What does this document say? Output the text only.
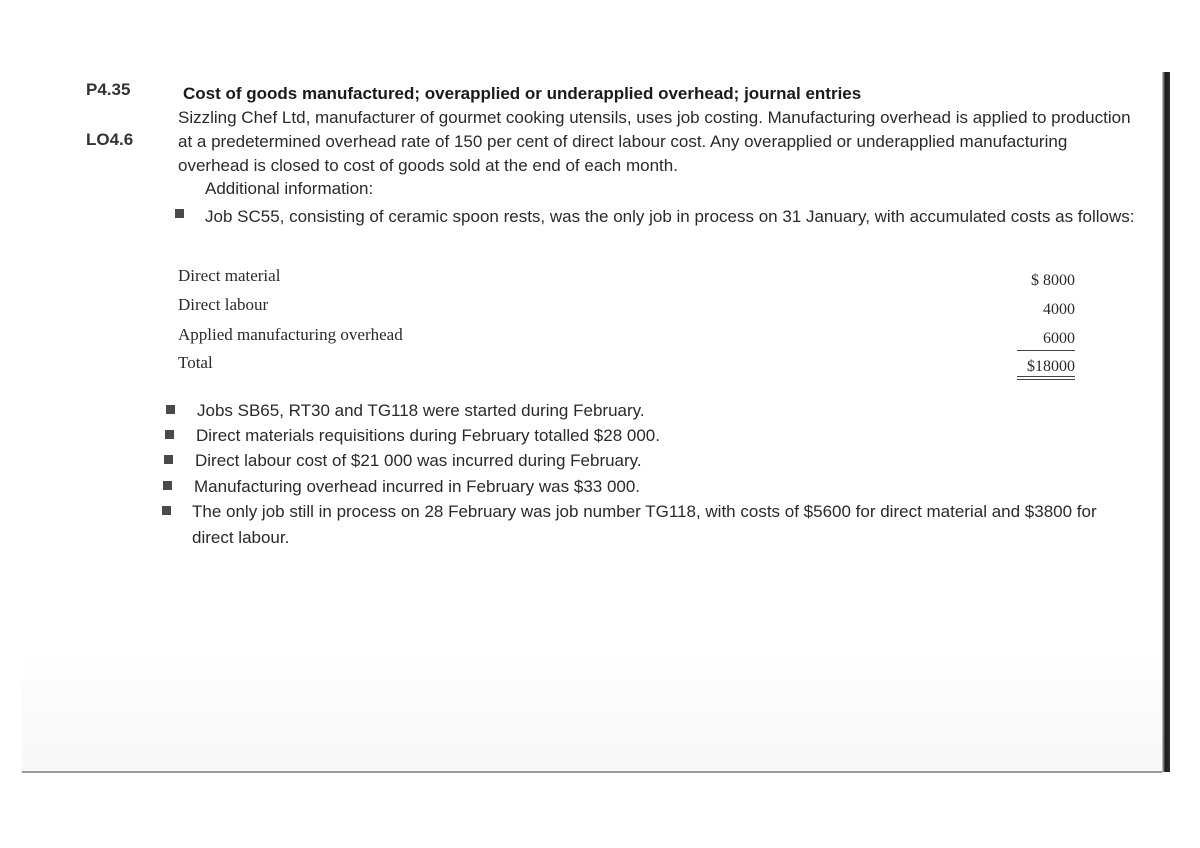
P4.35
LO4.6
Cost of goods manufactured; overapplied or underapplied overhead; journal entries
Sizzling Chef Ltd, manufacturer of gourmet cooking utensils, uses job costing. Manufacturing overhead is applied to production at a predetermined overhead rate of 150 per cent of direct labour cost. Any overapplied or underapplied manufacturing overhead is closed to cost of goods sold at the end of each month.
Additional information:
Job SC55, consisting of ceramic spoon rests, was the only job in process on 31 January, with accumulated costs as follows:
Direct material	$ 8000
Direct labour	4000
Applied manufacturing overhead	6000
Total	$18000
Jobs SB65, RT30 and TG118 were started during February.
Direct materials requisitions during February totalled $28 000.
Direct labour cost of $21 000 was incurred during February.
Manufacturing overhead incurred in February was $33 000.
The only job still in process on 28 February was job number TG118, with costs of $5600 for direct material and $3800 for direct labour.
